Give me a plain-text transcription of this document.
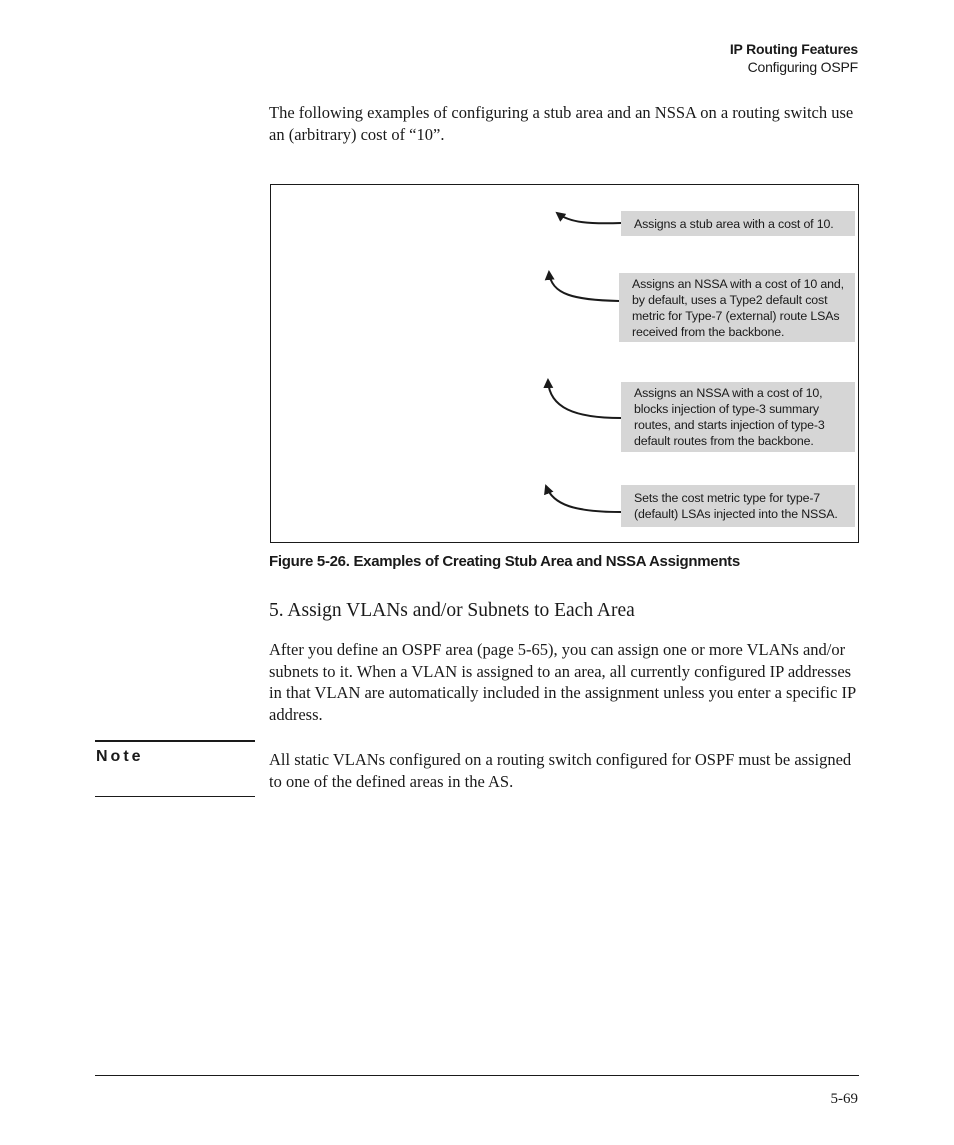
IP Routing Features
Configuring OSPF
The following examples of configuring a stub area and an NSSA on a routing switch use an (arbitrary) cost of “10”.
Assigns a stub area with a cost of 10.
Assigns an NSSA with a cost of 10 and, by default, uses a Type2 default cost metric for Type-7 (external) route LSAs received from the backbone.
Assigns an NSSA with a cost of 10, blocks injection of type-3 summary routes, and starts injection of type-3 default routes from the backbone.
Sets the cost metric type for type-7 (default) LSAs injected into the NSSA.
Figure 5-26. Examples of Creating Stub Area and NSSA Assignments
5. Assign VLANs and/or Subnets to Each Area
After you define an OSPF area (page 5-65), you can assign one or more VLANs and/or subnets to it. When a VLAN is assigned to an area, all currently configured IP addresses in that VLAN are automatically included in the assignment unless you enter a specific IP address.
Note	All static VLANs configured on a routing switch configured for OSPF must be assigned to one of the defined areas in the AS.
5-69
